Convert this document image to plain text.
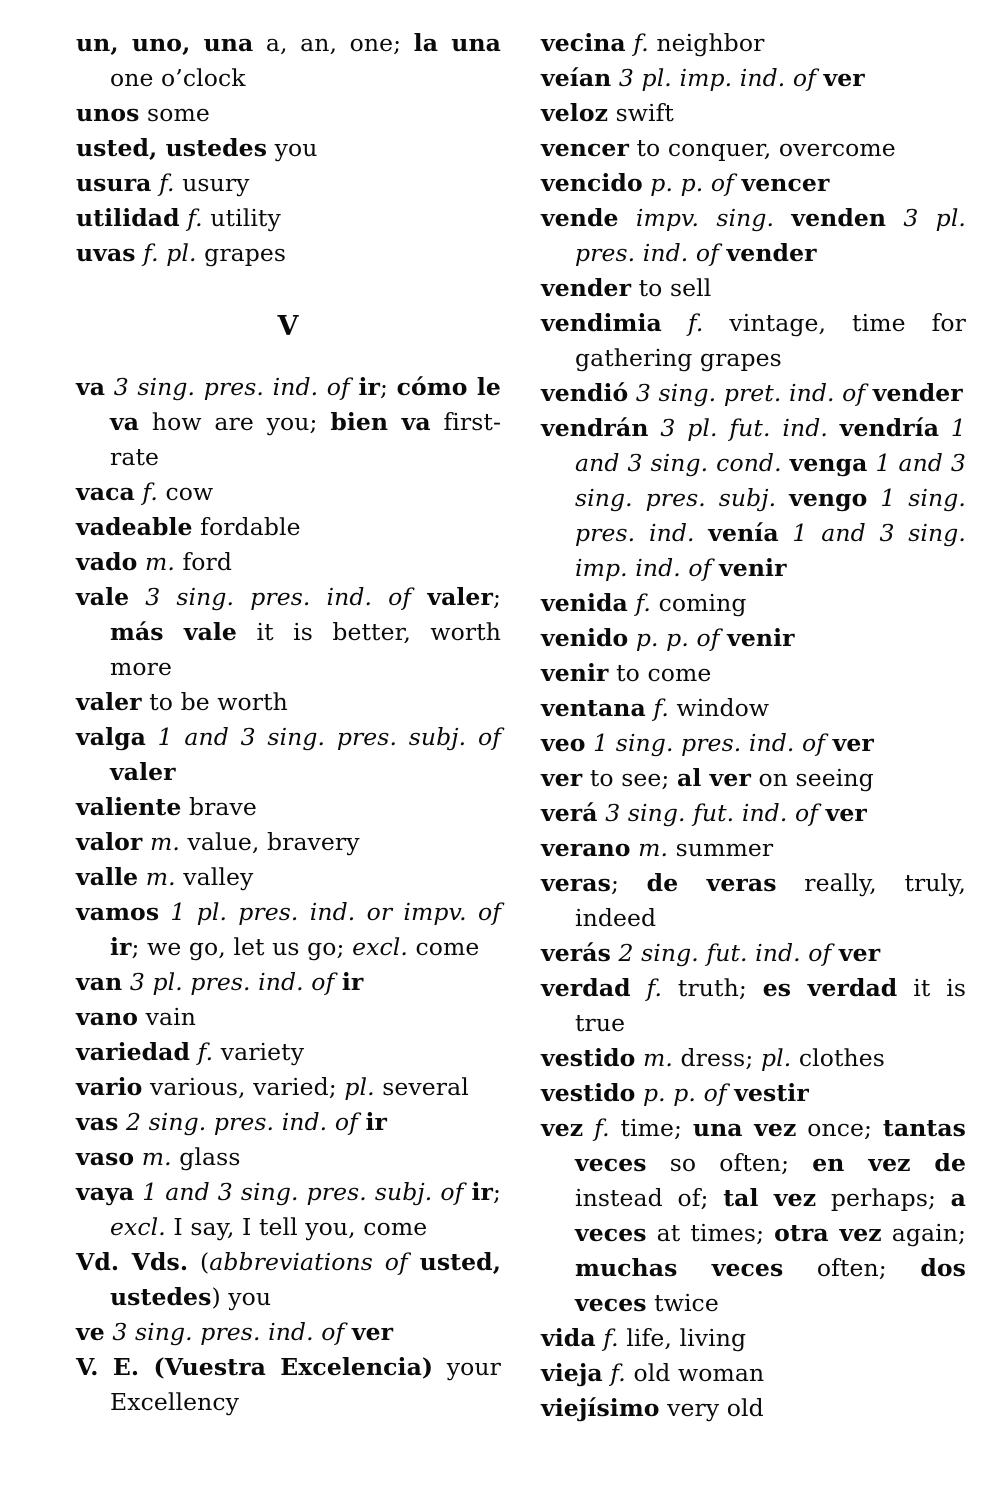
un, uno, una a, an, one; la una one o’clock

unos some

usted, ustedes you

usura f. usury

utilidad f. utility

uvas f. pl. grapes

V

va 3 sing. pres. ind. of ir; cómo le va how are you; bien va first-rate

vaca f. cow

vadeable fordable

vado m. ford

vale 3 sing. pres. ind. of valer; más vale it is better, worth more

valer to be worth

valga 1 and 3 sing. pres. subj. of valer

valiente brave

valor m. value, bravery

valle m. valley

vamos 1 pl. pres. ind. or impv. of ir; we go, let us go; excl. come

van 3 pl. pres. ind. of ir

vano vain

variedad f. variety

vario various, varied; pl. several

vas 2 sing. pres. ind. of ir

vaso m. glass

vaya 1 and 3 sing. pres. subj. of ir; excl. I say, I tell you, come

Vd. Vds. (abbreviations of usted, ustedes) you

ve 3 sing. pres. ind. of ver

V. E. (Vuestra Excelencia) your Excellency

vecina f. neighbor

veían 3 pl. imp. ind. of ver

veloz swift

vencer to conquer, overcome

vencido p. p. of vencer

vende impv. sing. venden 3 pl. pres. ind. of vender

vender to sell

vendimia f. vintage, time for gathering grapes

vendió 3 sing. pret. ind. of vender

vendrán 3 pl. fut. ind. vendría 1 and 3 sing. cond. venga 1 and 3 sing. pres. subj. vengo 1 sing. pres. ind. venía 1 and 3 sing. imp. ind. of venir

venida f. coming

venido p. p. of venir

venir to come

ventana f. window

veo 1 sing. pres. ind. of ver

ver to see; al ver on seeing

verá 3 sing. fut. ind. of ver

verano m. summer

veras; de veras really, truly, indeed

verás 2 sing. fut. ind. of ver

verdad f. truth; es verdad it is true

vestido m. dress; pl. clothes

vestido p. p. of vestir

vez f. time; una vez once; tantas veces so often; en vez de instead of; tal vez perhaps; a veces at times; otra vez again; muchas veces often; dos veces twice

vida f. life, living

vieja f. old woman

viejísimo very old
